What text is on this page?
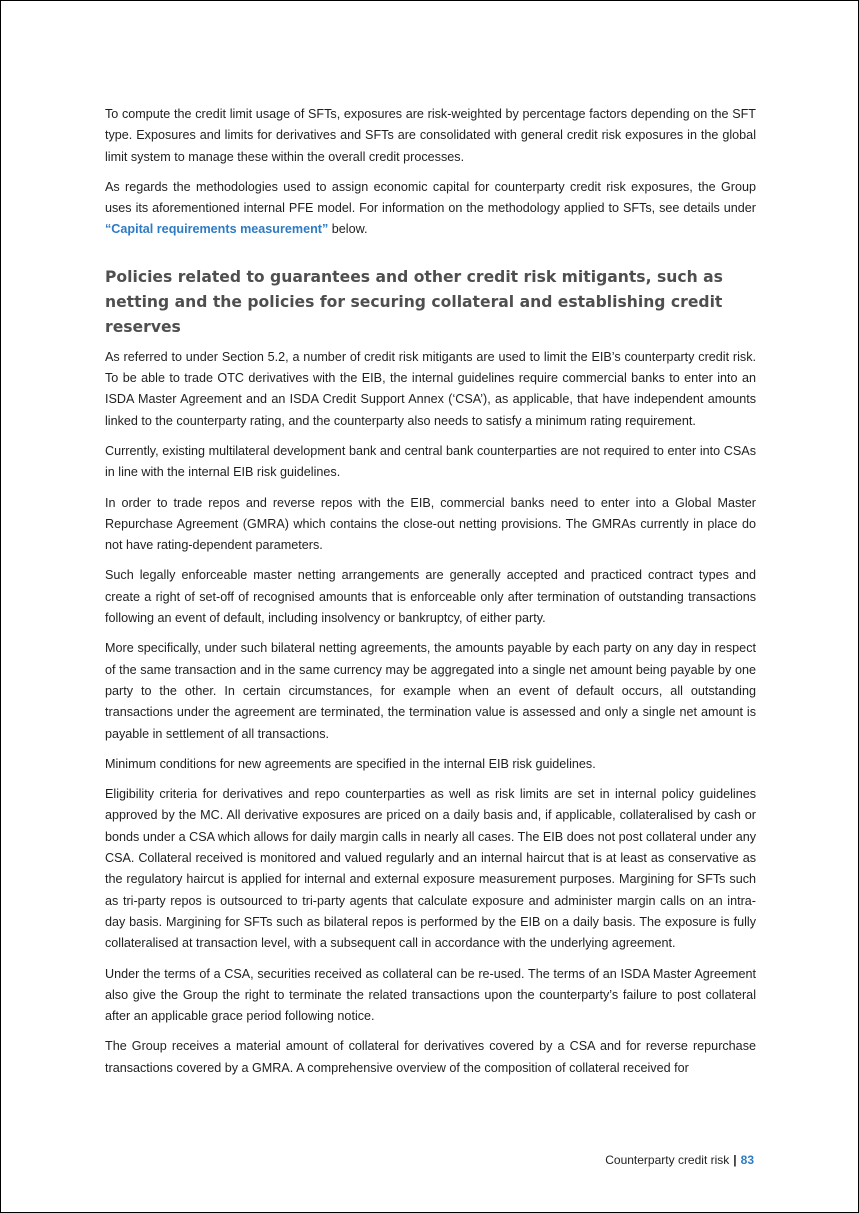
To compute the credit limit usage of SFTs, exposures are risk-weighted by percentage factors depending on the SFT type. Exposures and limits for derivatives and SFTs are consolidated with general credit risk exposures in the global limit system to manage these within the overall credit processes.

As regards the methodologies used to assign economic capital for counterparty credit risk exposures, the Group uses its aforementioned internal PFE model. For information on the methodology applied to SFTs, see details under “Capital requirements measurement” below.

Policies related to guarantees and other credit risk mitigants, such as netting and the policies for securing collateral and establishing credit reserves

As referred to under Section 5.2, a number of credit risk mitigants are used to limit the EIB’s counterparty credit risk. To be able to trade OTC derivatives with the EIB, the internal guidelines require commercial banks to enter into an ISDA Master Agreement and an ISDA Credit Support Annex (‘CSA’), as applicable, that have independent amounts linked to the counterparty rating, and the counterparty also needs to satisfy a minimum rating requirement.

Currently, existing multilateral development bank and central bank counterparties are not required to enter into CSAs in line with the internal EIB risk guidelines.

In order to trade repos and reverse repos with the EIB, commercial banks need to enter into a Global Master Repurchase Agreement (GMRA) which contains the close-out netting provisions. The GMRAs currently in place do not have rating-dependent parameters.

Such legally enforceable master netting arrangements are generally accepted and practiced contract types and create a right of set-off of recognised amounts that is enforceable only after termination of outstanding transactions following an event of default, including insolvency or bankruptcy, of either party.

More specifically, under such bilateral netting agreements, the amounts payable by each party on any day in respect of the same transaction and in the same currency may be aggregated into a single net amount being payable by one party to the other. In certain circumstances, for example when an event of default occurs, all outstanding transactions under the agreement are terminated, the termination value is assessed and only a single net amount is payable in settlement of all transactions.

Minimum conditions for new agreements are specified in the internal EIB risk guidelines.

Eligibility criteria for derivatives and repo counterparties as well as risk limits are set in internal policy guidelines approved by the MC. All derivative exposures are priced on a daily basis and, if applicable, collateralised by cash or bonds under a CSA which allows for daily margin calls in nearly all cases. The EIB does not post collateral under any CSA. Collateral received is monitored and valued regularly and an internal haircut that is at least as conservative as the regulatory haircut is applied for internal and external exposure measurement purposes. Margining for SFTs such as tri-party repos is outsourced to tri-party agents that calculate exposure and administer margin calls on an intra-day basis. Margining for SFTs such as bilateral repos is performed by the EIB on a daily basis. The exposure is fully collateralised at transaction level, with a subsequent call in accordance with the underlying agreement.

Under the terms of a CSA, securities received as collateral can be re-used. The terms of an ISDA Master Agreement also give the Group the right to terminate the related transactions upon the counterparty’s failure to post collateral after an applicable grace period following notice.

The Group receives a material amount of collateral for derivatives covered by a CSA and for reverse repurchase transactions covered by a GMRA. A comprehensive overview of the composition of collateral received for

Counterparty credit risk | 83
